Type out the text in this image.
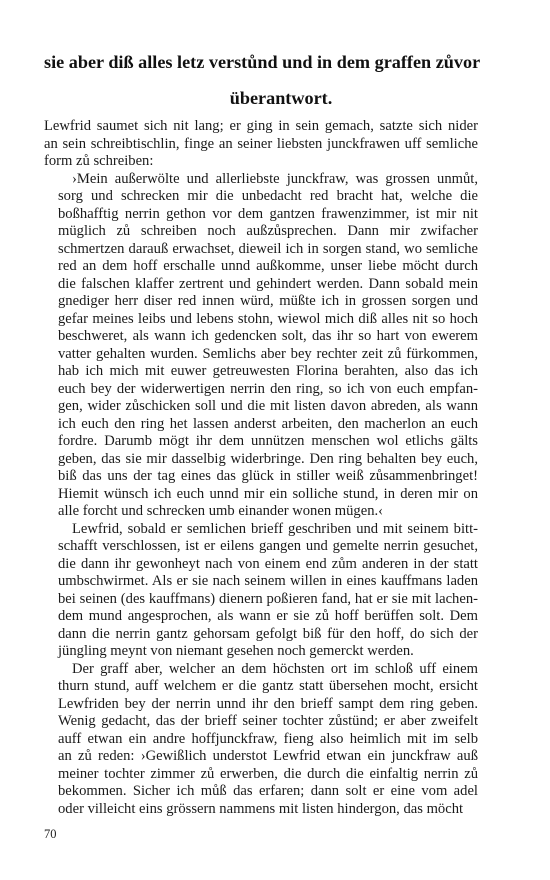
sie aber diß alles letz verstůnd und in dem graffen zůvor
überantwort.

Lewfrid saumet sich nit lang; er ging in sein gemach, satzte sich nider
an sein schreibtischlin, finge an seiner liebsten junckfrawen uff semliche
form zů schreiben:

›Mein außerwölte und allerliebste junckfraw, was grossen unmůt,
sorg und schrecken mir die unbedacht red bracht hat, welche die
boßhafftig nerrin gethon vor dem gantzen frawenzimmer, ist mir nit
müglich zů schreiben noch außzůsprechen. Dann mir zwifacher
schmertzen darauß erwachset, dieweil ich in sorgen stand, wo semliche
red an dem hoff erschalle unnd außkomme, unser liebe möcht durch
die falschen klaffer zertrent und gehindert werden. Dann sobald mein
gnediger herr diser red innen würd, müßte ich in grossen sorgen und
gefar meines leibs und lebens stohn, wiewol mich diß alles nit so hoch
beschweret, als wann ich gedencken solt, das ihr so hart von ewerem
vatter gehalten wurden. Semlichs aber bey rechter zeit zů fürkommen,
hab ich mich mit euwer getreuwesten Florina berahten, also das ich
euch bey der widerwertigen nerrin den ring, so ich von euch empfan-
gen, wider zůschicken soll und die mit listen davon abreden, als wann
ich euch den ring het lassen anderst arbeiten, den macherlon an euch
fordre. Darumb mögt ihr dem unnützen menschen wol etlichs gälts
geben, das sie mir dasselbig widerbringe. Den ring behalten bey euch,
biß das uns der tag eines das glück in stiller weiß zůsammenbringet!
Hiemit wünsch ich euch unnd mir ein solliche stund, in deren mir on
alle forcht und schrecken umb einander wonen mügen.‹

Lewfrid, sobald er semlichen brieff geschriben und mit seinem bitt-
schafft verschlossen, ist er eilens gangen und gemelte nerrin gesuchet,
die dann ihr gewonheyt nach von einem end zům anderen in der statt
umbschwirmet. Als er sie nach seinem willen in eines kauffmans laden
bei seinen (des kauffmans) dienern poßieren fand, hat er sie mit lachen-
dem mund angesprochen, als wann er sie zů hoff berüffen solt. Dem
dann die nerrin gantz gehorsam gefolgt biß für den hoff, do sich der
jüngling meynt von niemant gesehen noch gemerckt werden.

Der graff aber, welcher an dem höchsten ort im schloß uff einem
thurn stund, auff welchem er die gantz statt übersehen mocht, ersicht
Lewfriden bey der nerrin unnd ihr den brieff sampt dem ring geben.
Wenig gedacht, das der brieff seiner tochter zůstünd; er aber zweifelt
auff etwan ein andre hoffjunckfraw, fieng also heimlich mit im selb
an zů reden: ›Gewißlich understot Lewfrid etwan ein junckfraw auß
meiner tochter zimmer zů erwerben, die durch die einfaltig nerrin zů
bekommen. Sicher ich můß das erfaren; dann solt er eine vom adel
oder villeicht eins grössern nammens mit listen hindergon, das möcht

70
